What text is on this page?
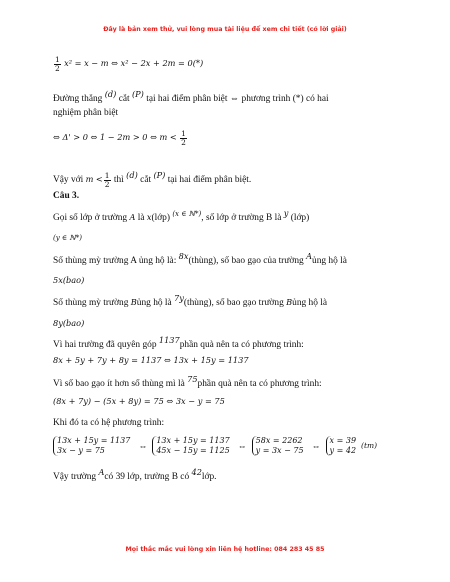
Đây là bản xem thử, vui lòng mua tài liệu để xem chi tiết (có lời giải)
$\frac{1}{2} x^2 = x - m$ ⇔ x² − 2x + 2m = 0(*)
Đường thẳng (d) cắt (P) tại hai điểm phân biệt ⇔ phương trình (*) có hai
nghiệm phân biệt
⇔ Δ' > 0 ⇔ 1 − 2m > 0 ⇔ $m < \frac{1}{2}$
Vậy với $m < \frac{1}{2}$ thì (d) cắt (P) tại hai điểm phân biệt.
Câu 3.
Gọi số lớp ở trường A là x(lớp) $^{(x \in ℕ*)}$, số lớp ở trường B là y (lớp)
(y ∈ ℕ*)
Số thùng mỳ trường A ủng hộ là: 8x(thùng), số bao gạo của trường Aủng hộ là
5x(bao)
Số thùng mỳ trường Bủng hộ là 7y(thùng), số bao gạo trường Bủng hộ là
8y(bao)
Vì hai trường đã quyên góp 1137phần quà nên ta có phương trình:
8x + 5y + 7y + 8y = 1137 ⇔ 13x + 15y = 1137
Vì số bao gạo ít hơn số thùng mì là 75phần quà nên ta có phương trình:
(8x + 7y) − (5x + 8y) = 75 ⇔ 3x − y = 75
Khi đó ta có hệ phương trình:
13x + 15y = 1137
3x − y = 75	⇔ 13x + 15y = 1137
45x − 15y = 1125 ⇔ 58x = 2262
y = 3x − 75 ⇔ x = 39
y = 42
(tm)
Vậy trường Acó 39 lớp, trường B có 42lớp.
Mọi thắc mắc vui lòng xin liên hệ hotline: 084 283 45 85
